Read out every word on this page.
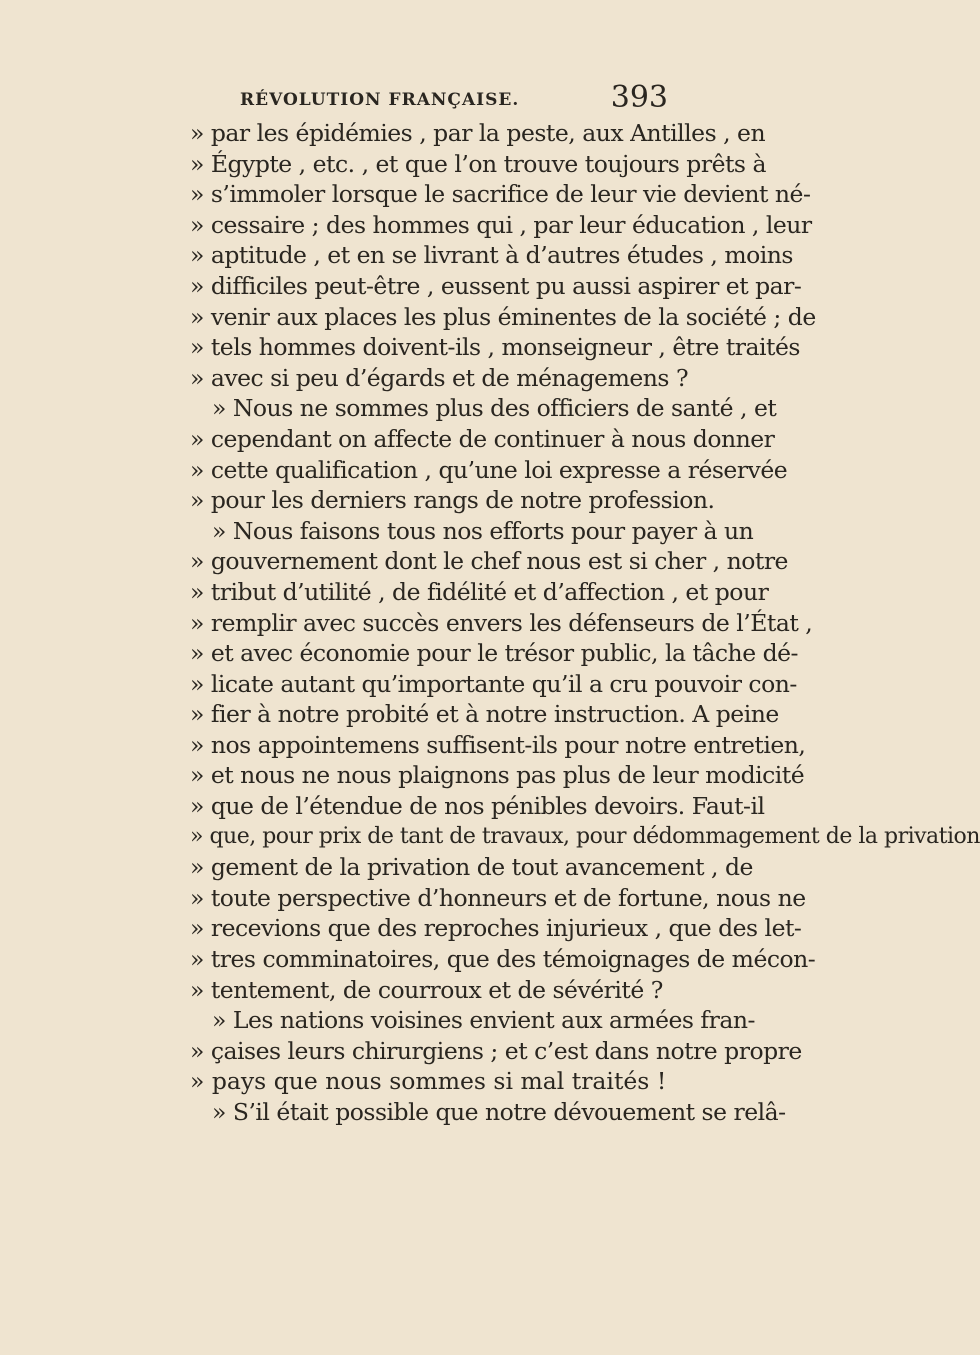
RÉVOLUTION FRANÇAISE.	393
» par les épidémies , par la peste, aux Antilles , en
» Égypte , etc. , et que l’on trouve toujours prêts à
» s’immoler lorsque le sacrifice de leur vie devient né-
» cessaire ; des hommes qui , par leur éducation , leur
» aptitude , et en se livrant à d’autres études , moins
» difficiles peut-être , eussent pu aussi aspirer et par-
» venir aux places les plus éminentes de la société ; de
» tels hommes doivent-ils , monseigneur , être traités
» avec si peu d’égards et de ménagemens ?
» Nous ne sommes plus des officiers de santé , et
» cependant on affecte de continuer à nous donner
» cette qualification , qu’une loi expresse a réservée
» pour les derniers rangs de notre profession.
» Nous faisons tous nos efforts pour payer à un
» gouvernement dont le chef nous est si cher , notre
» tribut d’utilité , de fidélité et d’affection , et pour
» remplir avec succès envers les défenseurs de l’État ,
» et avec économie pour le trésor public, la tâche dé-
» licate autant qu’importante qu’il a cru pouvoir con-
» fier à notre probité et à notre instruction. A peine
» nos appointemens suffisent-ils pour notre entretien,
» et nous ne nous plaignons pas plus de leur modicité
» que de l’étendue de nos pénibles devoirs. Faut-il
» que, pour prix de tant de travaux, pour dédommagement de la privation
» gement de la privation de tout avancement , de
» toute perspective d’honneurs et de fortune, nous ne
» recevions que des reproches injurieux , que des let-
» tres comminatoires, que des témoignages de mécon-
» tentement, de courroux et de sévérité ?
» Les nations voisines envient aux armées fran-
» çaises leurs chirurgiens ; et c’est dans notre propre
» pays que nous sommes si mal traités !
» S’il était possible que notre dévouement se relâ-
